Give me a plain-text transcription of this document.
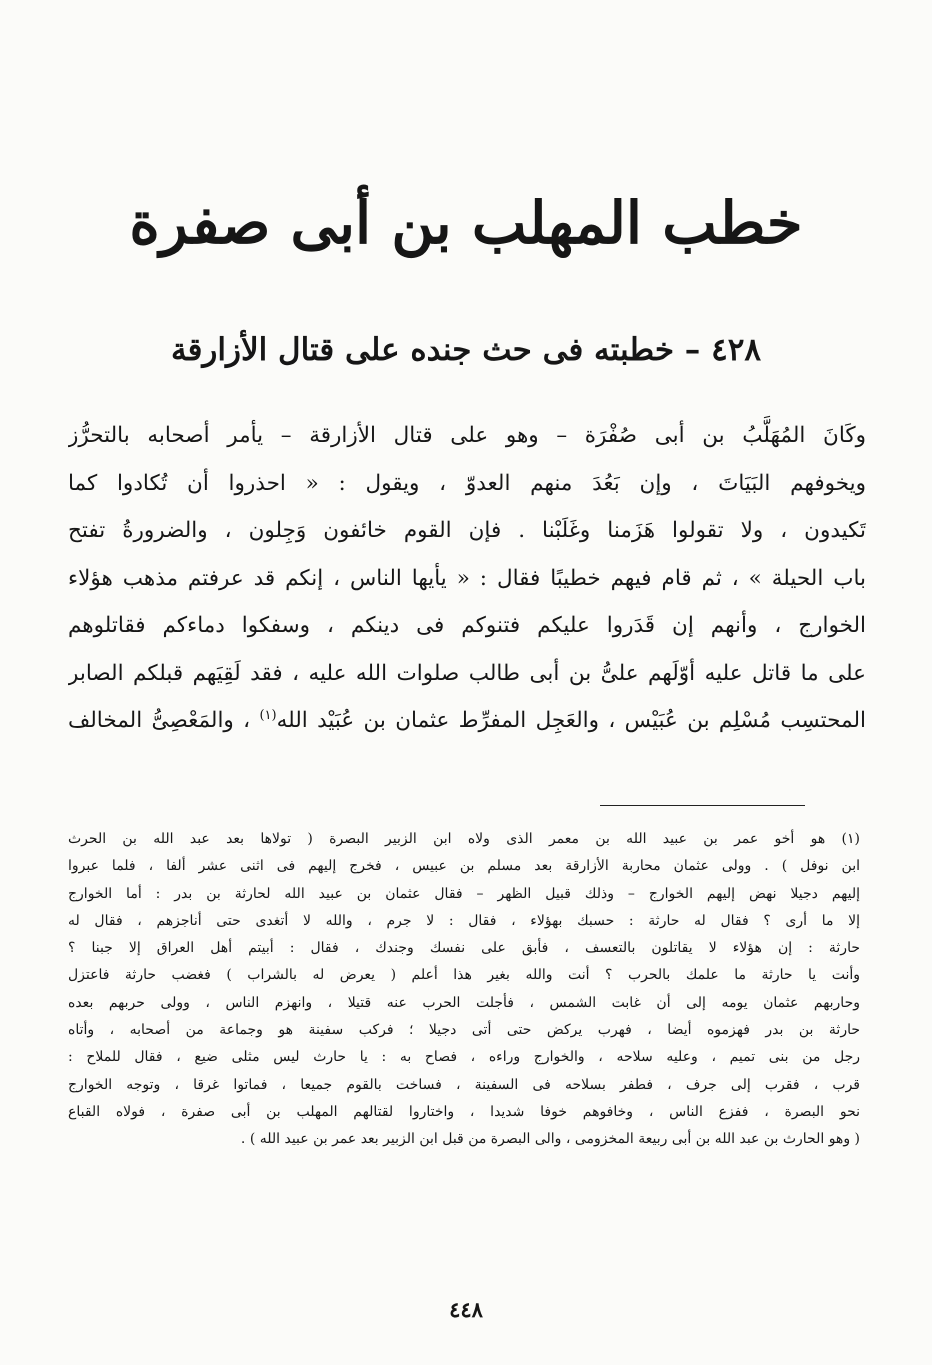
خطب المهلب بن أبى صفرة
٤٢٨ – خطبته فى حث جنده على قتال الأزارقة
وكَانَ المُهَلَّبُ بن أبى صُفْرَة – وهو على قتال الأزارقة – يأمر أصحابه بالتحرُّز
ويخوفهم البَيَاتَ ، وإن بَعُدَ منهم العدوّ ، ويقول : « احذروا أن تُكادوا كما
تَكيدون ، ولا تقولوا هَزَمنا وغَلَبْنا . فإن القوم خائفون وَجِلون ، والضرورةُ تفتح
باب الحيلة » ، ثم قام فيهم خطيبًا فقال : « يأيها الناس ، إنكم قد عرفتم مذهب هؤلاء
الخوارج ، وأنهم إن قَدَروا عليكم فتنوكم فى دينكم ، وسفكوا دماءكم فقاتلوهم
على ما قاتل عليه أوّلَهم علىُّ بن أبى طالب صلوات الله عليه ، فقد لَقِيَهم قبلكم الصابر
المحتسِب مُسْلِم بن عُبَيْس ، والعَجِل المفرِّط عثمان بن عُبَيْد الله$^{(١)}$ ، والمَعْصِىُّ المخالف
(١) هو أخو عمر بن عبيد الله بن معمر الذى ولاه ابن الزبير البصرة ( تولاها بعد عبد الله بن الحرث
ابن نوفل ) . وولى عثمان محاربة الأزارقة بعد مسلم بن عبيس ، فخرج إليهم فى اثنى عشر ألفا ، فلما عبروا
إليهم دجيلا نهض إليهم الخوارج – وذلك قبيل الظهر – فقال عثمان بن عبيد الله لحارثة بن بدر : أما الخوارج
إلا ما أرى ؟ فقال له حارثة : حسبك بهؤلاء ، فقال : لا جرم ، والله لا أتغدى حتى أناجزهم ، فقال له
حارثة : إن هؤلاء لا يقاتلون بالتعسف ، فأبق على نفسك وجندك ، فقال : أبيتم أهل العراق إلا جبنا ؟
وأنت يا حارثة ما علمك بالحرب ؟ أنت والله بغير هذا أعلم ( يعرض له بالشراب ) فغضب حارثة فاعتزل
وحاربهم عثمان يومه إلى أن غابت الشمس ، فأجلت الحرب عنه قتيلا ، وانهزم الناس ، وولى حربهم بعده
حارثة بن بدر فهزموه أيضا ، فهرب يركض حتى أتى دجيلا ؛ فركب سفينة هو وجماعة من أصحابه ، وأتاه
رجل من بنى تميم ، وعليه سلاحه ، والخوارج وراءه ، فصاح به : يا حارث ليس مثلى ضيع ، فقال للملاح :
قرب ، فقرب إلى جرف ، فطفر بسلاحه فى السفينة ، فساخت بالقوم جميعا ، فماتوا غرقا ، وتوجه الخوارج
نحو البصرة ، ففزع الناس ، وخافوهم خوفا شديدا ، واختاروا لقتالهم المهلب بن أبى صفرة ، فولاه القباع
( وهو الحارث بن عبد الله بن أبى ربيعة المخزومى ، والى البصرة من قبل ابن الزبير بعد عمر بن عبيد الله ) .
٤٤٨
